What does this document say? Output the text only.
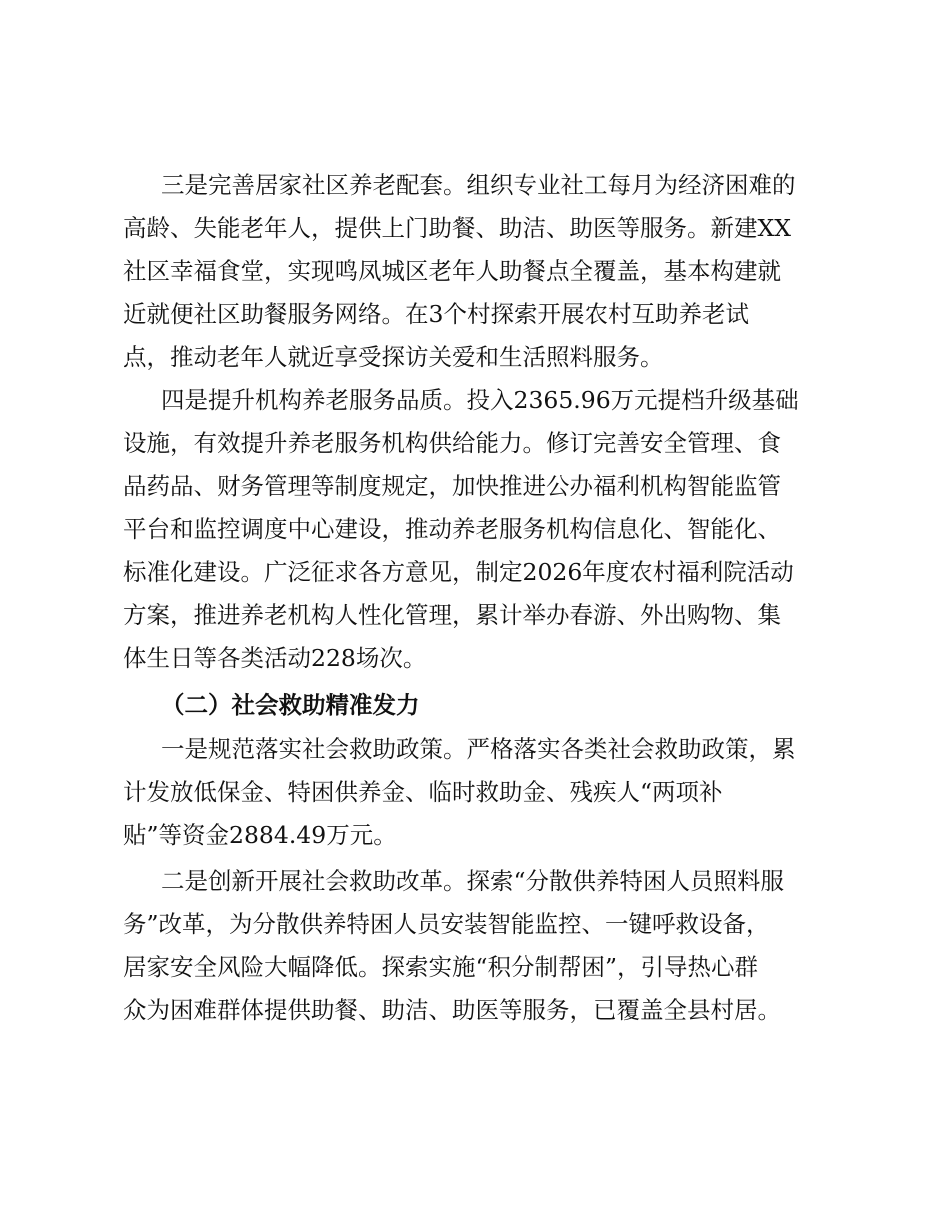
三是完善居家社区养老配套。组织专业社工每月为经济困难的
高龄、失能老年人，提供上门助餐、助洁、助医等服务。新建XX
社区幸福食堂，实现鸣凤城区老年人助餐点全覆盖，基本构建就
近就便社区助餐服务网络。在3个村探索开展农村互助养老试
点，推动老年人就近享受探访关爱和生活照料服务。
四是提升机构养老服务品质。投入2365.96万元提档升级基础
设施，有效提升养老服务机构供给能力。修订完善安全管理、食
品药品、财务管理等制度规定，加快推进公办福利机构智能监管
平台和监控调度中心建设，推动养老服务机构信息化、智能化、
标准化建设。广泛征求各方意见，制定2026年度农村福利院活动
方案，推进养老机构人性化管理，累计举办春游、外出购物、集
体生日等各类活动228场次。
（二）社会救助精准发力
一是规范落实社会救助政策。严格落实各类社会救助政策，累
计发放低保金、特困供养金、临时救助金、残疾人“两项补
贴”等资金2884.49万元。
二是创新开展社会救助改革。探索“分散供养特困人员照料服
务”改革，为分散供养特困人员安装智能监控、一键呼救设备，
居家安全风险大幅降低。探索实施“积分制帮困”，引导热心群
众为困难群体提供助餐、助洁、助医等服务，已覆盖全县村居。
